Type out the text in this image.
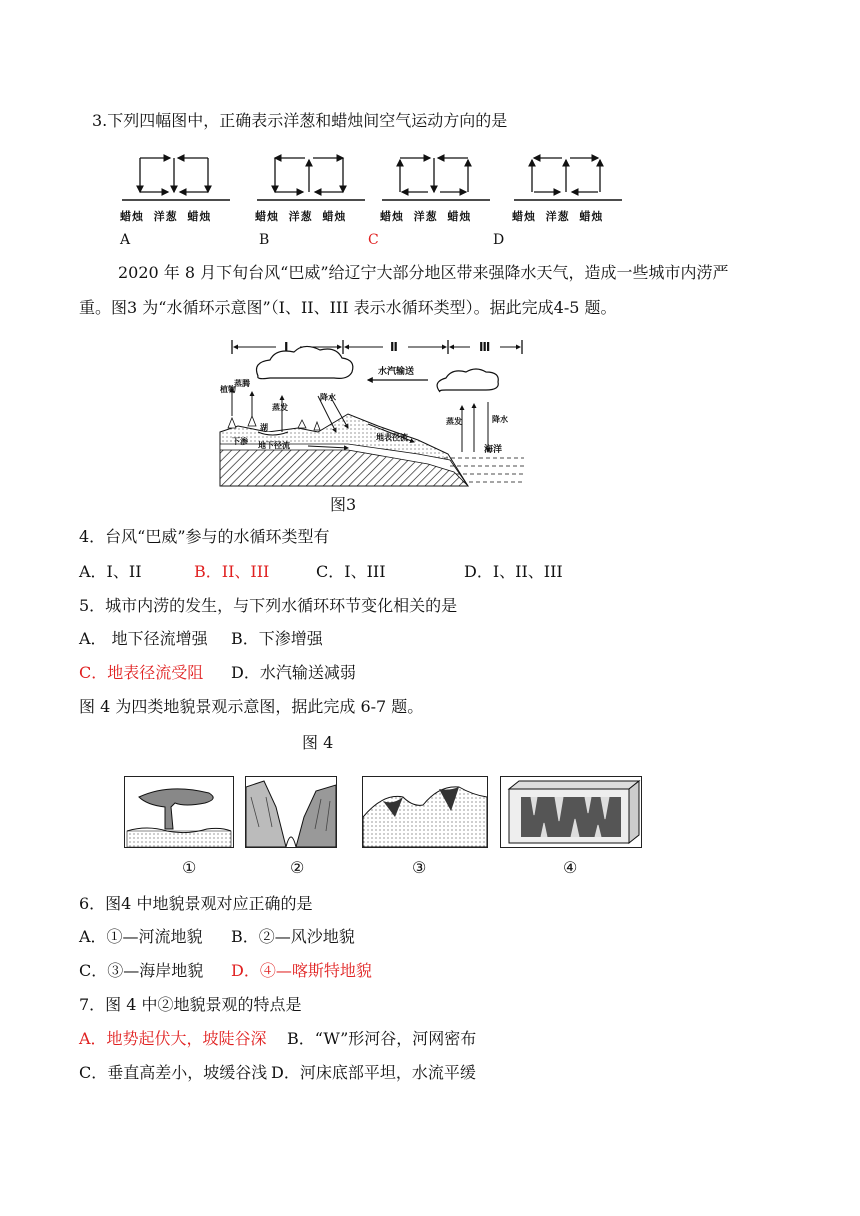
3.下列四幅图中，正确表示洋葱和蜡烛间空气运动方向的是
蜡烛 洋葱 蜡烛
A
蜡烛 洋葱 蜡烛
B
蜡烛 洋葱 蜡烛
C
蜡烛 洋葱 蜡烛
D
2020 年 8 月下旬台风“巴威”给辽宁大部分地区带来强降水天气，造成一些城市内涝严
重。图3 为“水循环示意图”（I、II、III 表示水循环类型）。据此完成4-5 题。
I	Ⅱ	Ⅲ
水汽输送
植物
蒸腾
蒸发
降水
蒸发	降水
湖
下渗 地下径流
地表径流
海洋
图3
4．台风“巴威”参与的水循环类型有
A．I、II	B．II、III	C．I、III	D．I、II、III
5．城市内涝的发生，与下列水循环环节变化相关的是
A． 地下径流增强 B．下渗增强
C．地表径流受阻 D．水汽输送减弱
图 4 为四类地貌景观示意图，据此完成 6-7 题。
图 4
①	②	③	④
6．图4 中地貌景观对应正确的是
A．①—河流地貌 B．②—风沙地貌
C．③—海岸地貌 D．④—喀斯特地貌
7．图 4 中②地貌景观的特点是
A．地势起伏大，坡陡谷深 B．“W”形河谷，河网密布
C．垂直高差小，坡缓谷浅 D．河床底部平坦，水流平缓
